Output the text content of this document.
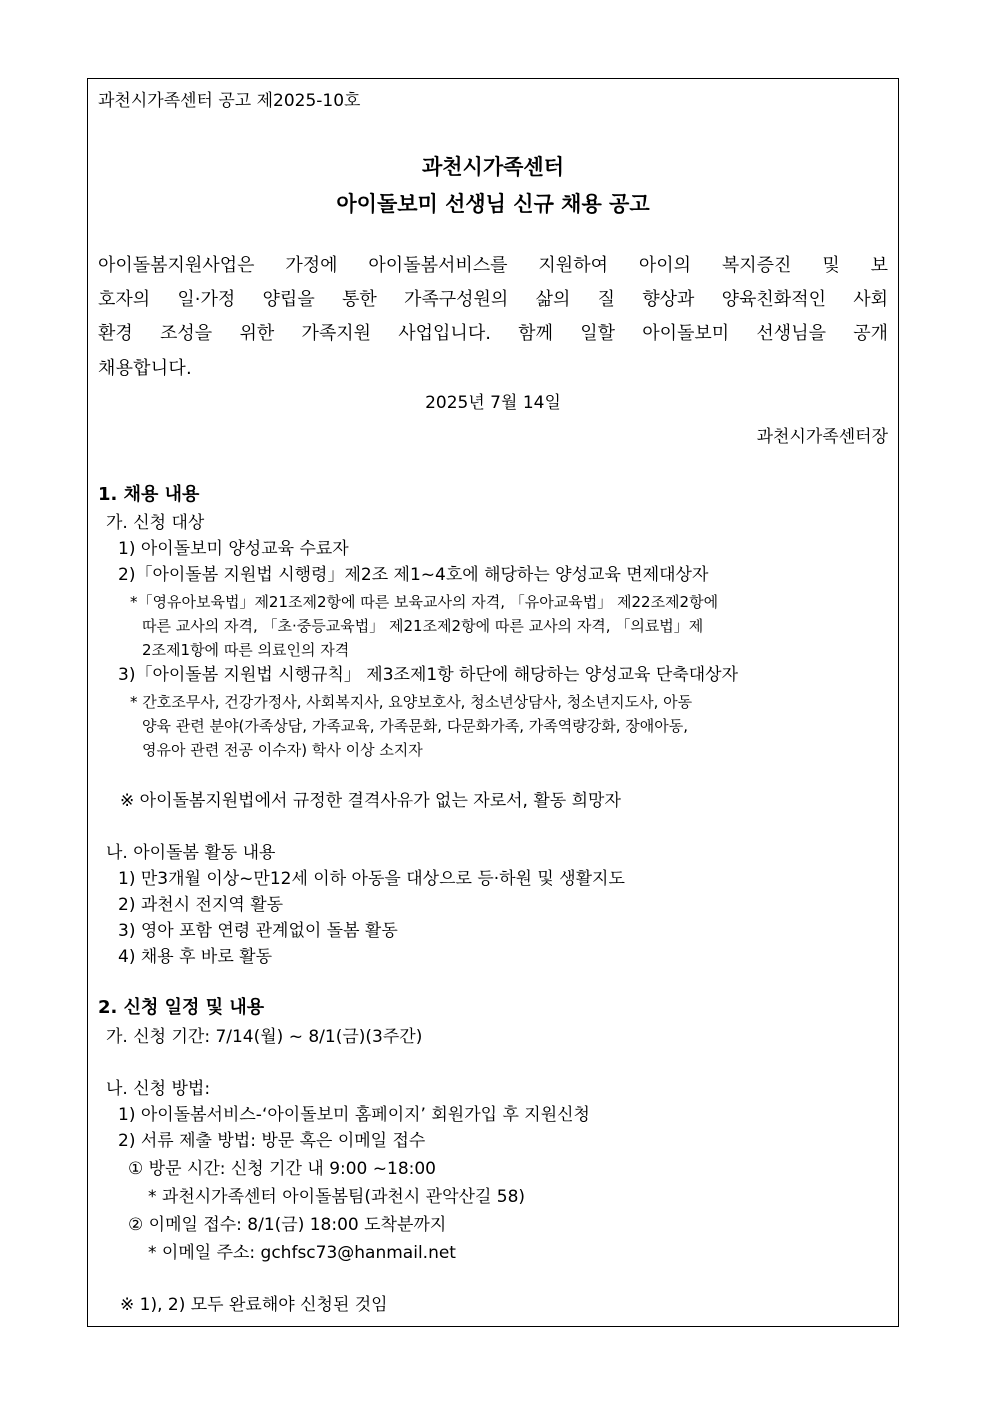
과천시가족센터 공고 제2025-10호
과천시가족센터
아이돌보미 선생님 신규 채용 공고
아이돌봄지원사업은 가정에 아이돌봄서비스를 지원하여 아이의 복지증진 및 보
호자의 일·가정 양립을 통한 가족구성원의 삶의 질 향상과 양육친화적인 사회
환경 조성을 위한 가족지원 사업입니다. 함께 일할 아이돌보미 선생님을 공개
채용합니다.
2025년 7월 14일
과천시가족센터장
1. 채용 내용
가. 신청 대상
1) 아이돌보미 양성교육 수료자
2)「아이돌봄 지원법 시행령」제2조 제1~4호에 해당하는 양성교육 면제대상자
*「영유아보육법」제21조제2항에 따른 보육교사의 자격, 「유아교육법」 제22조제2항에
따른 교사의 자격, 「초·중등교육법」 제21조제2항에 따른 교사의 자격, 「의료법」제
2조제1항에 따른 의료인의 자격
3)「아이돌봄 지원법 시행규칙」 제3조제1항 하단에 해당하는 양성교육 단축대상자
* 간호조무사, 건강가정사, 사회복지사, 요양보호사, 청소년상담사, 청소년지도사, 아동
양육 관련 분야(가족상담, 가족교육, 가족문화, 다문화가족, 가족역량강화, 장애아동,
영유아 관련 전공 이수자) 학사 이상 소지자
※ 아이돌봄지원법에서 규정한 결격사유가 없는 자로서, 활동 희망자
나. 아이돌봄 활동 내용
1) 만3개월 이상~만12세 이하 아동을 대상으로 등·하원 및 생활지도
2) 과천시 전지역 활동
3) 영아 포함 연령 관계없이 돌봄 활동
4) 채용 후 바로 활동
2. 신청 일정 및 내용
가. 신청 기간: 7/14(월) ~ 8/1(금)(3주간)
나. 신청 방법:
1) 아이돌봄서비스-‘아이돌보미 홈페이지’ 회원가입 후 지원신청
2) 서류 제출 방법: 방문 혹은 이메일 접수
① 방문 시간: 신청 기간 내 9:00 ~18:00
* 과천시가족센터 아이돌봄팀(과천시 관악산길 58)
② 이메일 접수: 8/1(금) 18:00 도착분까지
* 이메일 주소: gchfsc73@hanmail.net
※ 1), 2) 모두 완료해야 신청된 것임
